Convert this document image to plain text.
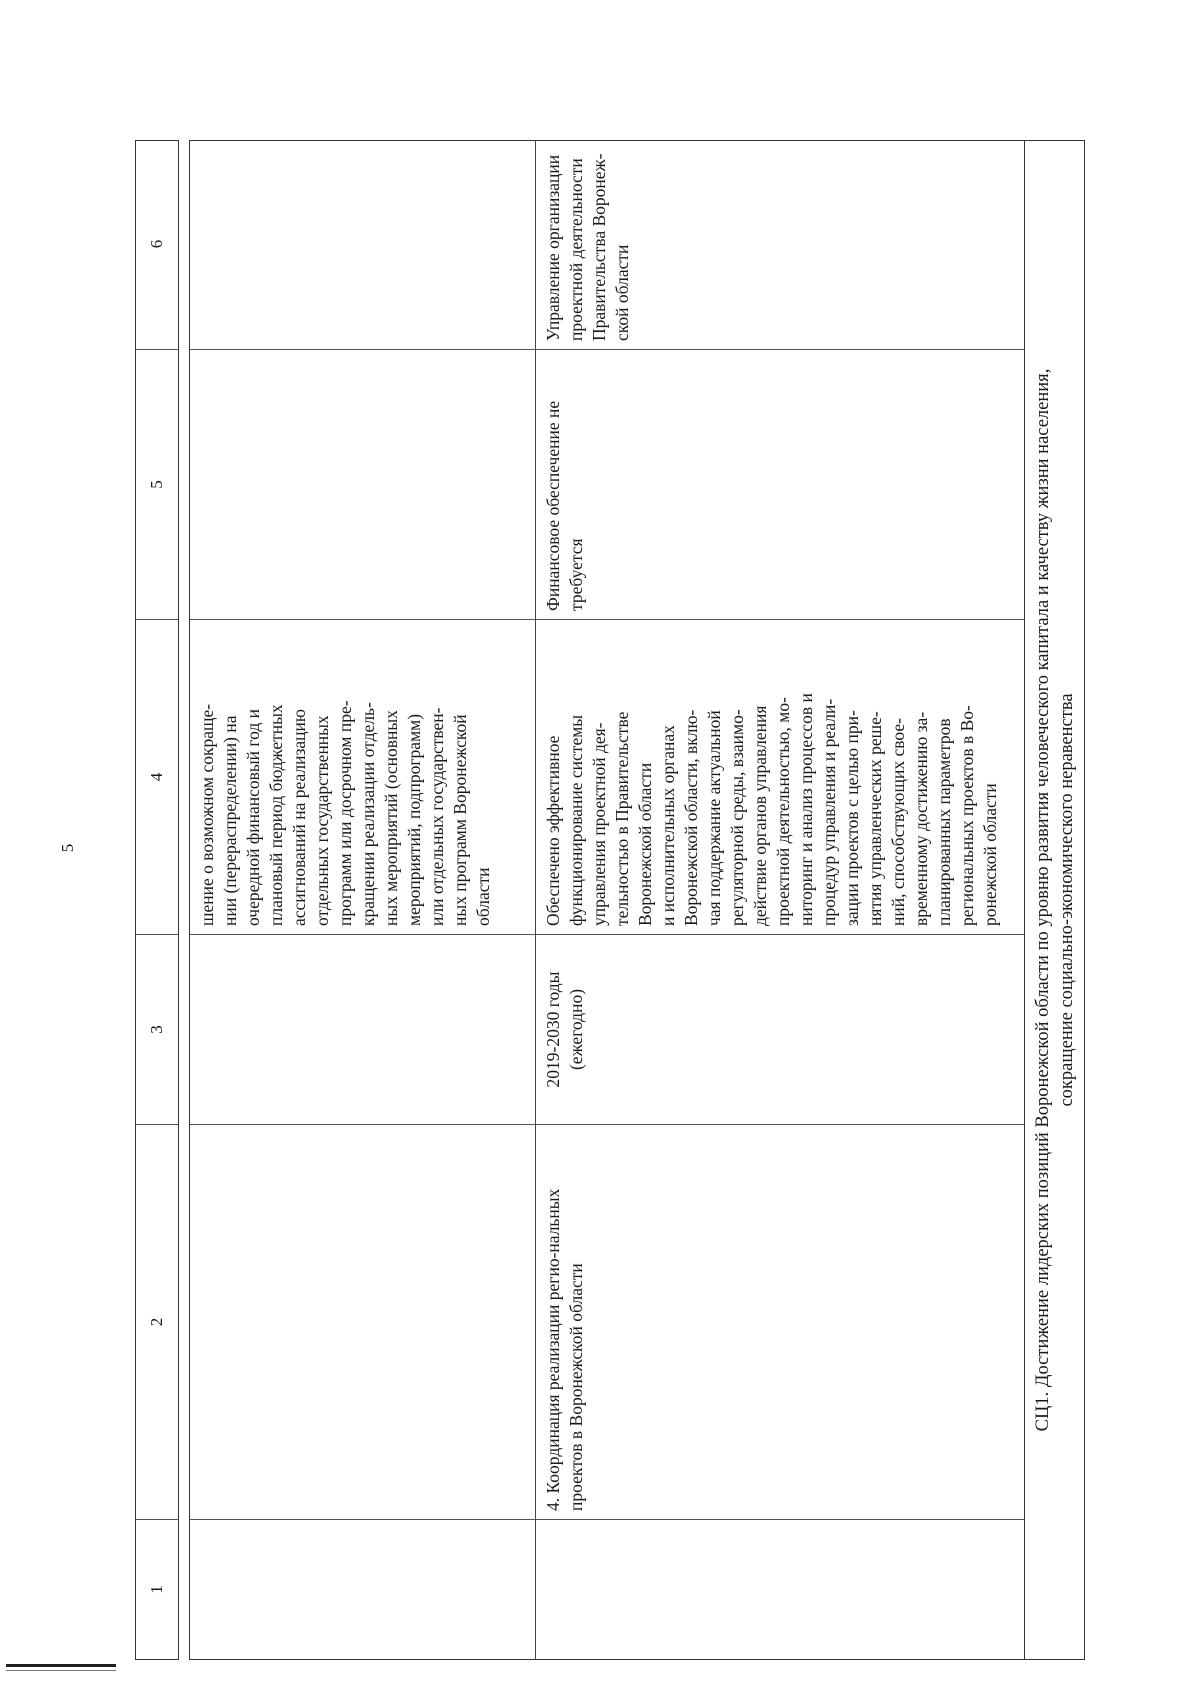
5
1
2
3
4
5
6
шение о возможном сокраще- нии (перераспределении) на очередной финансовый год и плановый период бюджетных ассигнований на реализацию отдельных государственных программ или досрочном пре- кращении реализации отдель- ных мероприятий (основных мероприятий, подпрограмм) или отдельных государствен- ных программ Воронежской области
4. Координация реализации регио-нальных проектов в Воронежской области
2019-2030 годы (ежегодно)
Обеспечено эффективное функционирование системы управления проектной дея- тельностью в Правительстве Воронежской области и исполнительных органах Воронежской области, вклю- чая поддержание актуальной регуляторной среды, взаимо- действие органов управления проектной деятельностью, мо- ниторинг и анализ процессов и процедур управления и реали- зации проектов с целью при- нятия управленческих реше- ний, способствующих свое- временному достижению за- планированных параметров региональных проектов в Во- ронежской области
Финансовое обеспечение не требуется
Управление организации проектной деятельности Правительства Воронеж-ской области
СЦ1. Достижение лидерских позиций Воронежской области по уровню развития человеческого капитала и качеству жизни населения, сокращение социально-экономического неравенства
